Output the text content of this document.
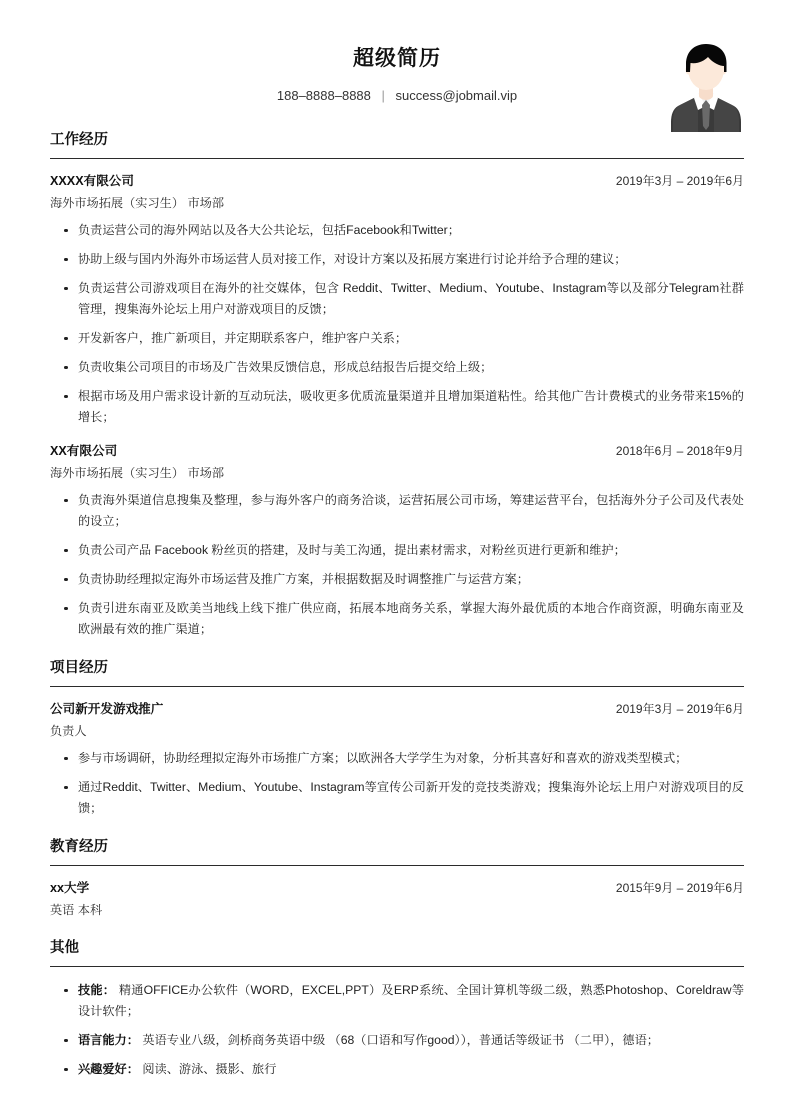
超级简历
188–8888–8888 | success@jobmail.vip
工作经历
XXXX有限公司	2019年3月 – 2019年6月
海外市场拓展（实习生） 市场部
负责运营公司的海外网站以及各大公共论坛，包括Facebook和Twitter；
协助上级与国内外海外市场运营人员对接工作，对设计方案以及拓展方案进行讨论并给予合理的建议；
负责运营公司游戏项目在海外的社交媒体，包含 Reddit、Twitter、Medium、Youtube、Instagram等以及部分Telegram社群管理，搜集海外论坛上用户对游戏项目的反馈；
开发新客户，推广新项目，并定期联系客户，维护客户关系；
负责收集公司项目的市场及广告效果反馈信息，形成总结报告后提交给上级；
根据市场及用户需求设计新的互动玩法，吸收更多优质流量渠道并且增加渠道粘性。给其他广告计费模式的业务带来15%的增长；
XX有限公司	2018年6月 – 2018年9月
海外市场拓展（实习生） 市场部
负责海外渠道信息搜集及整理，参与海外客户的商务洽谈，运营拓展公司市场，筹建运营平台，包括海外分子公司及代表处的设立；
负责公司产品 Facebook 粉丝页的搭建，及时与美工沟通，提出素材需求，对粉丝页进行更新和维护；
负责协助经理拟定海外市场运营及推广方案，并根据数据及时调整推广与运营方案；
负责引进东南亚及欧美当地线上线下推广供应商，拓展本地商务关系，掌握大海外最优质的本地合作商资源，明确东南亚及欧洲最有效的推广渠道；
项目经历
公司新开发游戏推广	2019年3月 – 2019年6月
负责人
参与市场调研，协助经理拟定海外市场推广方案；以欧洲各大学学生为对象，分析其喜好和喜欢的游戏类型模式；
通过Reddit、Twitter、Medium、Youtube、Instagram等宣传公司新开发的竞技类游戏；搜集海外论坛上用户对游戏项目的反馈；
教育经历
xx大学	2015年9月 – 2019年6月
英语 本科
其他
技能： 精通OFFICE办公软件（WORD，EXCEL,PPT）及ERP系统、全国计算机等级二级，熟悉Photoshop、Coreldraw等设计软件；
语言能力： 英语专业八级，剑桥商务英语中级 （68（口语和写作good）），普通话等级证书 （二甲），德语；
兴趣爱好： 阅读、游泳、摄影、旅行
